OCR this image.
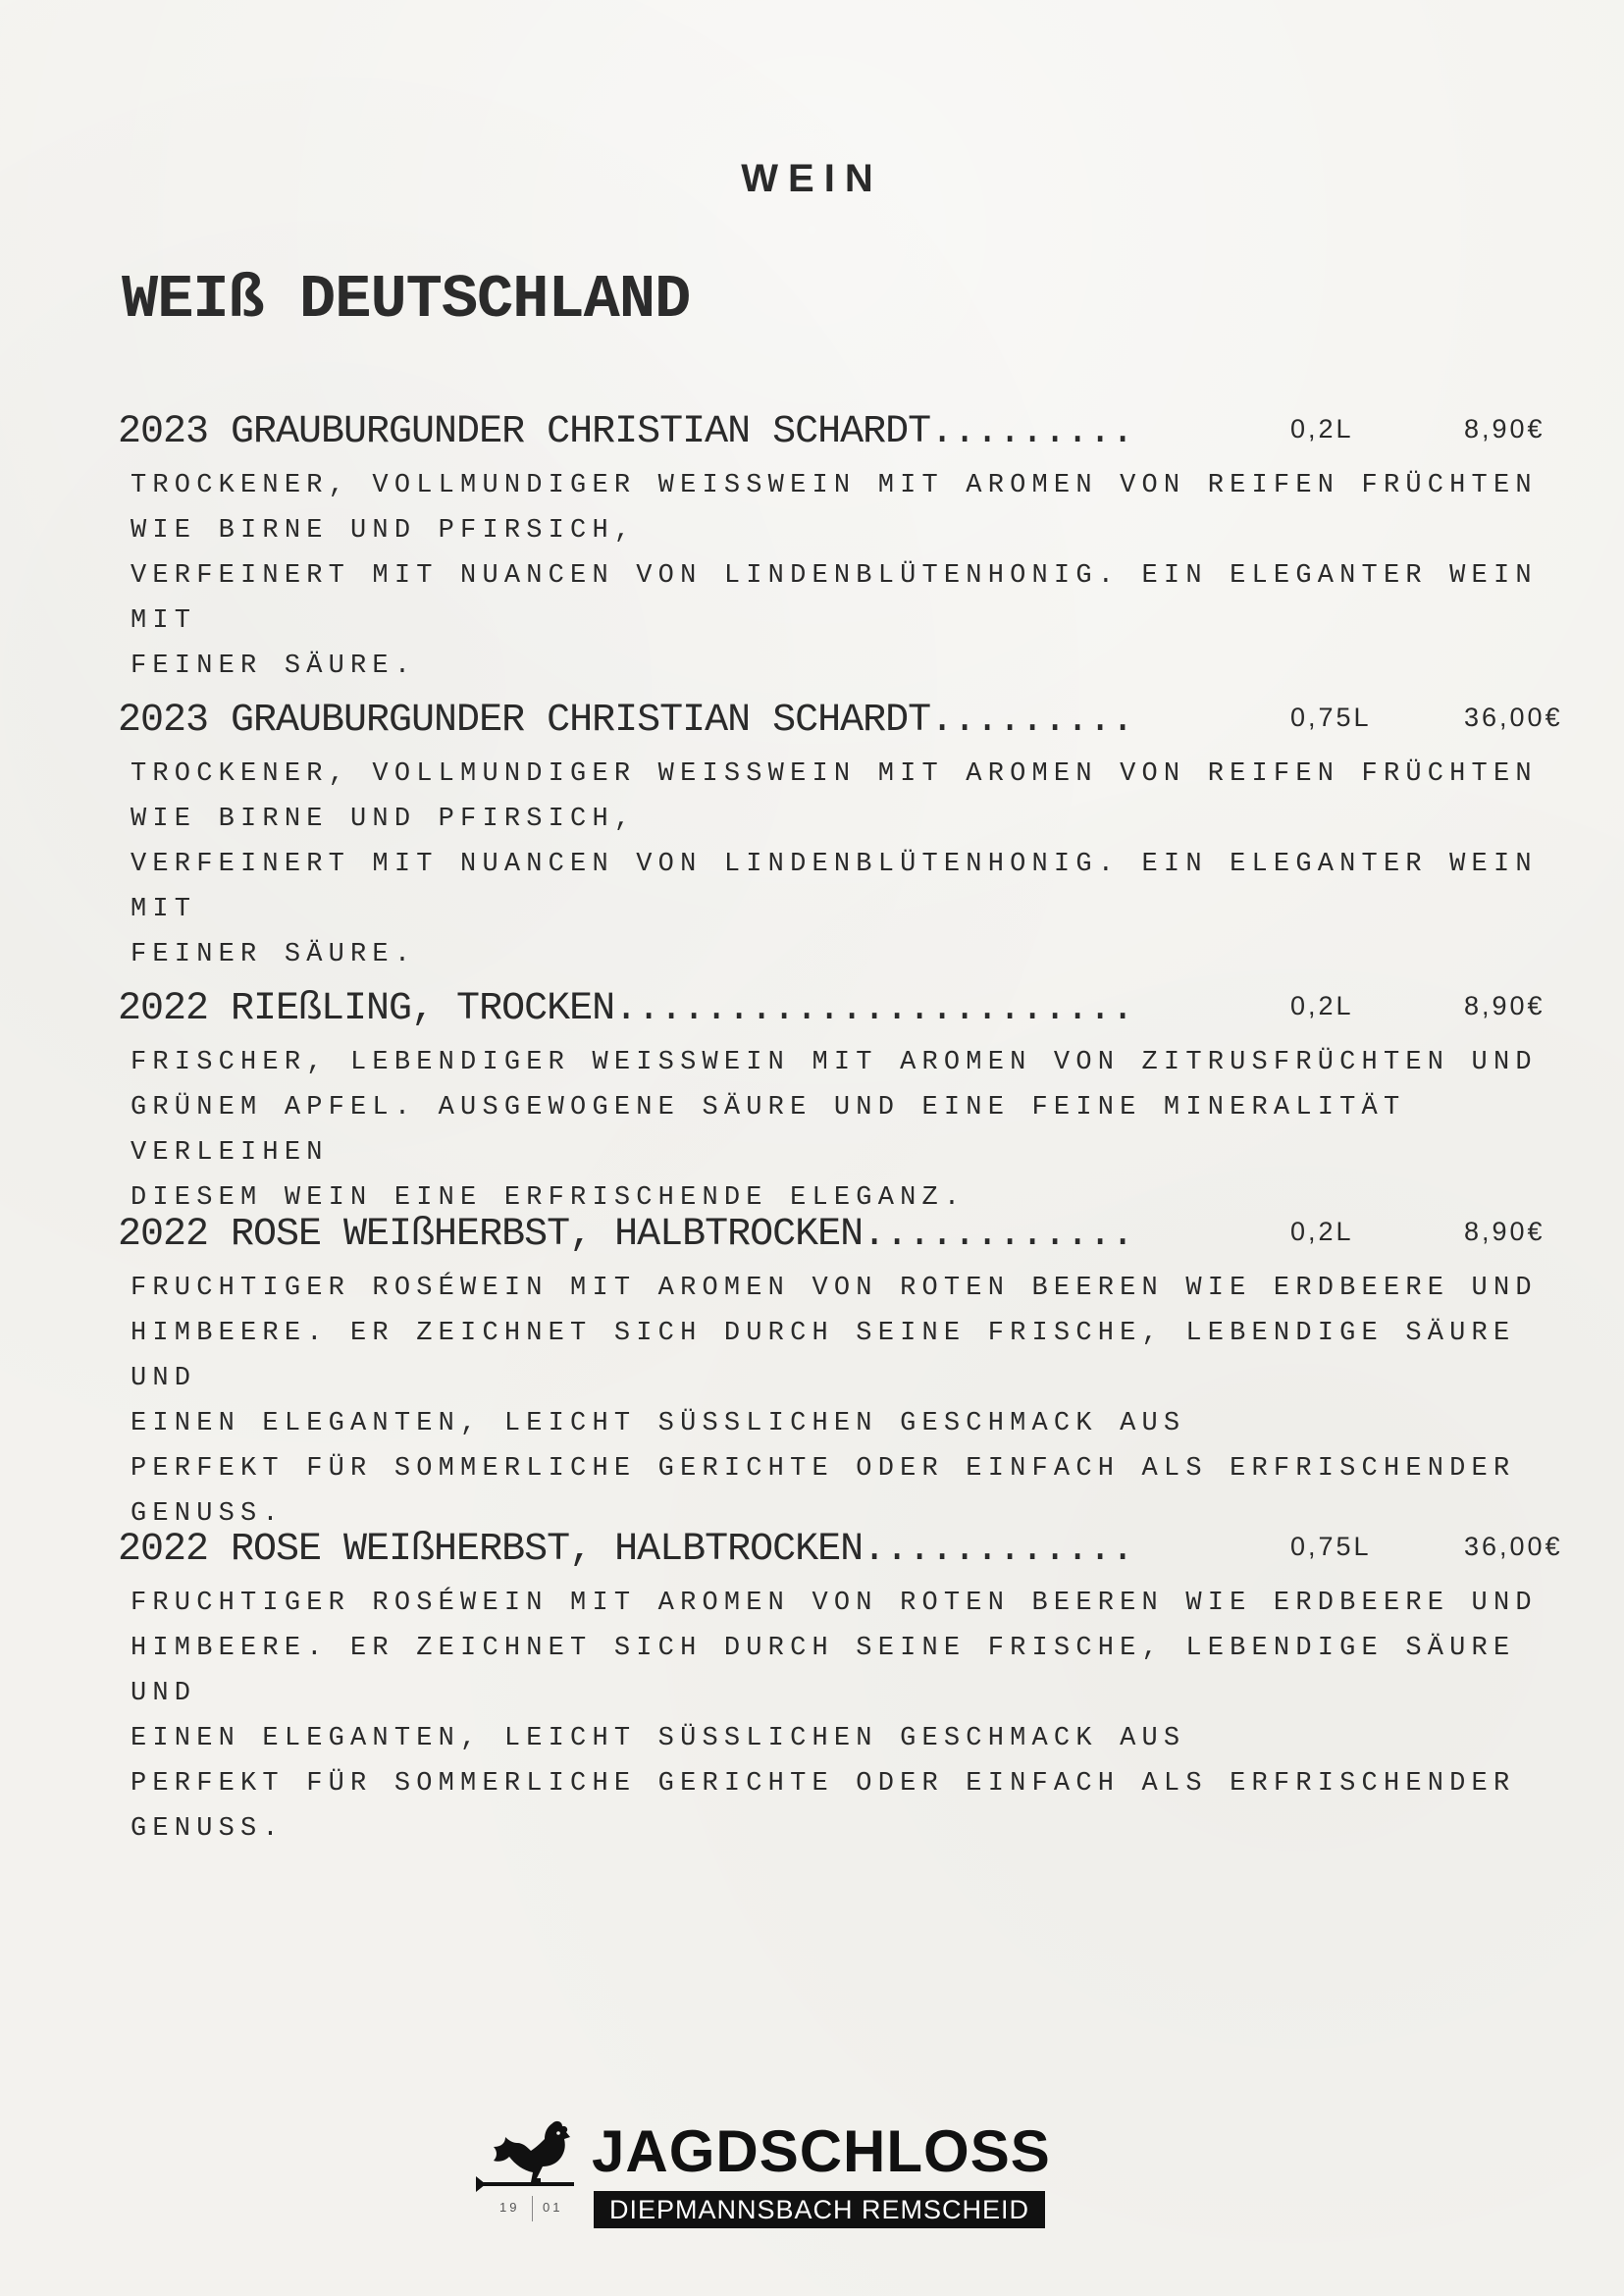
WEIN
WEIß DEUTSCHLAND
2023 GRAUBURGUNDER CHRISTIAN SCHARDT.........	0,2L	8,90€
TROCKENER, VOLLMUNDIGER WEISSWEIN MIT AROMEN VON REIFEN FRÜCHTEN
WIE BIRNE UND PFIRSICH,
VERFEINERT MIT NUANCEN VON LINDENBLÜTENHONIG. EIN ELEGANTER WEIN MIT
FEINER SÄURE.
2023 GRAUBURGUNDER CHRISTIAN SCHARDT.........	0,75L	36,00€
TROCKENER, VOLLMUNDIGER WEISSWEIN MIT AROMEN VON REIFEN FRÜCHTEN
WIE BIRNE UND PFIRSICH,
VERFEINERT MIT NUANCEN VON LINDENBLÜTENHONIG. EIN ELEGANTER WEIN MIT
FEINER SÄURE.
2022 RIEßLING, TROCKEN.......................	0,2L	8,90€
FRISCHER, LEBENDIGER WEISSWEIN MIT AROMEN VON ZITRUSFRÜCHTEN UND
GRÜNEM APFEL. AUSGEWOGENE SÄURE UND EINE FEINE MINERALITÄT VERLEIHEN
DIESEM WEIN EINE ERFRISCHENDE ELEGANZ.
2022 ROSE WEIßHERBST, HALBTROCKEN............	0,2L	8,90€
FRUCHTIGER ROSÉWEIN MIT AROMEN VON ROTEN BEEREN WIE ERDBEERE UND
HIMBEERE. ER ZEICHNET SICH DURCH SEINE FRISCHE, LEBENDIGE SÄURE UND
EINEN ELEGANTEN, LEICHT SÜSSLICHEN GESCHMACK AUS
PERFEKT FÜR SOMMERLICHE GERICHTE ODER EINFACH ALS ERFRISCHENDER
GENUSS.
2022 ROSE WEIßHERBST, HALBTROCKEN............	0,75L	36,00€
FRUCHTIGER ROSÉWEIN MIT AROMEN VON ROTEN BEEREN WIE ERDBEERE UND
HIMBEERE. ER ZEICHNET SICH DURCH SEINE FRISCHE, LEBENDIGE SÄURE UND
EINEN ELEGANTEN, LEICHT SÜSSLICHEN GESCHMACK AUS
PERFEKT FÜR SOMMERLICHE GERICHTE ODER EINFACH ALS ERFRISCHENDER
GENUSS.
JAGDSCHLOSS
DIEPMANNSBACH REMSCHEID
19 01
